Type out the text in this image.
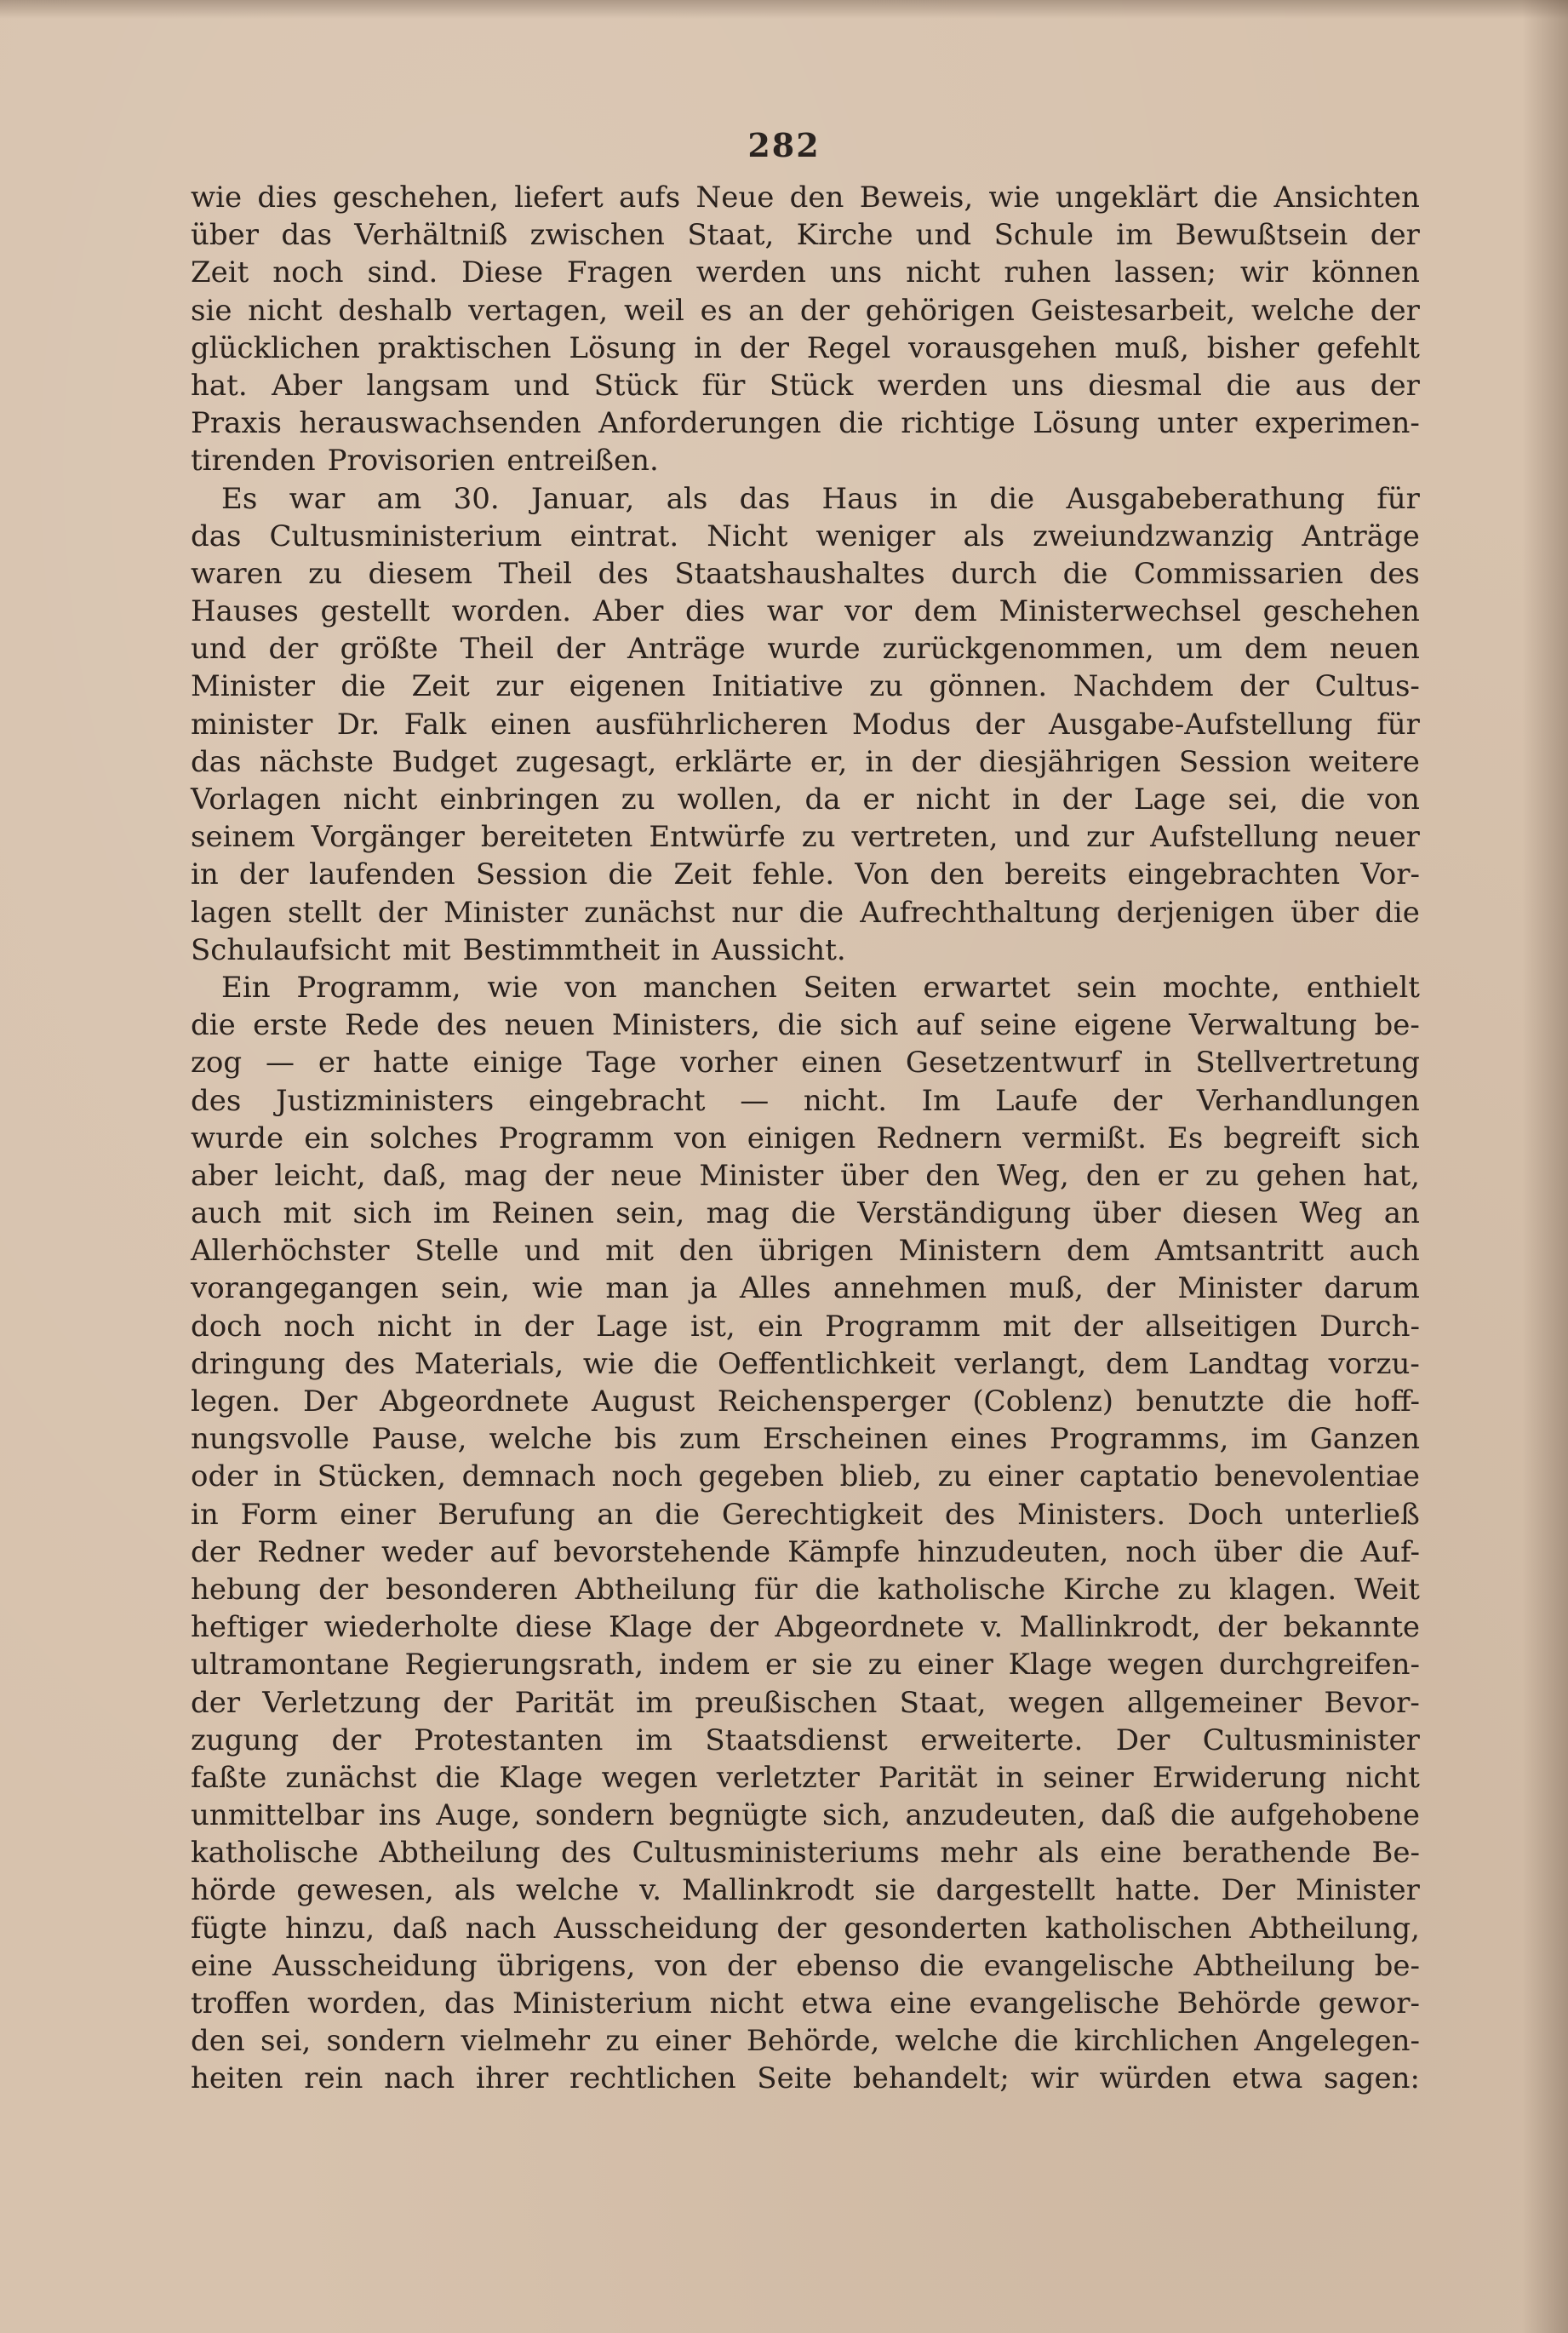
282
wie dies geschehen, liefert aufs Neue den Beweis, wie ungeklärt die Ansichten
über das Verhältniß zwischen Staat, Kirche und Schule im Bewußtsein der
Zeit noch sind. Diese Fragen werden uns nicht ruhen lassen; wir können
sie nicht deshalb vertagen, weil es an der gehörigen Geistesarbeit, welche der
glücklichen praktischen Lösung in der Regel vorausgehen muß, bisher gefehlt
hat. Aber langsam und Stück für Stück werden uns diesmal die aus der
Praxis herauswachsenden Anforderungen die richtige Lösung unter experimen-
tirenden Provisorien entreißen.
Es war am 30. Januar, als das Haus in die Ausgabeberathung für
das Cultusministerium eintrat. Nicht weniger als zweiundzwanzig Anträge
waren zu diesem Theil des Staatshaushaltes durch die Commissarien des
Hauses gestellt worden. Aber dies war vor dem Ministerwechsel geschehen
und der größte Theil der Anträge wurde zurückgenommen, um dem neuen
Minister die Zeit zur eigenen Initiative zu gönnen. Nachdem der Cultus-
minister Dr. Falk einen ausführlicheren Modus der Ausgabe-Aufstellung für
das nächste Budget zugesagt, erklärte er, in der diesjährigen Session weitere
Vorlagen nicht einbringen zu wollen, da er nicht in der Lage sei, die von
seinem Vorgänger bereiteten Entwürfe zu vertreten, und zur Aufstellung neuer
in der laufenden Session die Zeit fehle. Von den bereits eingebrachten Vor-
lagen stellt der Minister zunächst nur die Aufrechthaltung derjenigen über die
Schulaufsicht mit Bestimmtheit in Aussicht.
Ein Programm, wie von manchen Seiten erwartet sein mochte, enthielt
die erste Rede des neuen Ministers, die sich auf seine eigene Verwaltung be-
zog — er hatte einige Tage vorher einen Gesetzentwurf in Stellvertretung
des Justizministers eingebracht — nicht. Im Laufe der Verhandlungen
wurde ein solches Programm von einigen Rednern vermißt. Es begreift sich
aber leicht, daß, mag der neue Minister über den Weg, den er zu gehen hat,
auch mit sich im Reinen sein, mag die Verständigung über diesen Weg an
Allerhöchster Stelle und mit den übrigen Ministern dem Amtsantritt auch
vorangegangen sein, wie man ja Alles annehmen muß, der Minister darum
doch noch nicht in der Lage ist, ein Programm mit der allseitigen Durch-
dringung des Materials, wie die Oeffentlichkeit verlangt, dem Landtag vorzu-
legen. Der Abgeordnete August Reichensperger (Coblenz) benutzte die hoff-
nungsvolle Pause, welche bis zum Erscheinen eines Programms, im Ganzen
oder in Stücken, demnach noch gegeben blieb, zu einer captatio benevolentiae
in Form einer Berufung an die Gerechtigkeit des Ministers. Doch unterließ
der Redner weder auf bevorstehende Kämpfe hinzudeuten, noch über die Auf-
hebung der besonderen Abtheilung für die katholische Kirche zu klagen. Weit
heftiger wiederholte diese Klage der Abgeordnete v. Mallinkrodt, der bekannte
ultramontane Regierungsrath, indem er sie zu einer Klage wegen durchgreifen-
der Verletzung der Parität im preußischen Staat, wegen allgemeiner Bevor-
zugung der Protestanten im Staatsdienst erweiterte. Der Cultusminister
faßte zunächst die Klage wegen verletzter Parität in seiner Erwiderung nicht
unmittelbar ins Auge, sondern begnügte sich, anzudeuten, daß die aufgehobene
katholische Abtheilung des Cultusministeriums mehr als eine berathende Be-
hörde gewesen, als welche v. Mallinkrodt sie dargestellt hatte. Der Minister
fügte hinzu, daß nach Ausscheidung der gesonderten katholischen Abtheilung,
eine Ausscheidung übrigens, von der ebenso die evangelische Abtheilung be-
troffen worden, das Ministerium nicht etwa eine evangelische Behörde gewor-
den sei, sondern vielmehr zu einer Behörde, welche die kirchlichen Angelegen-
heiten rein nach ihrer rechtlichen Seite behandelt; wir würden etwa sagen:
